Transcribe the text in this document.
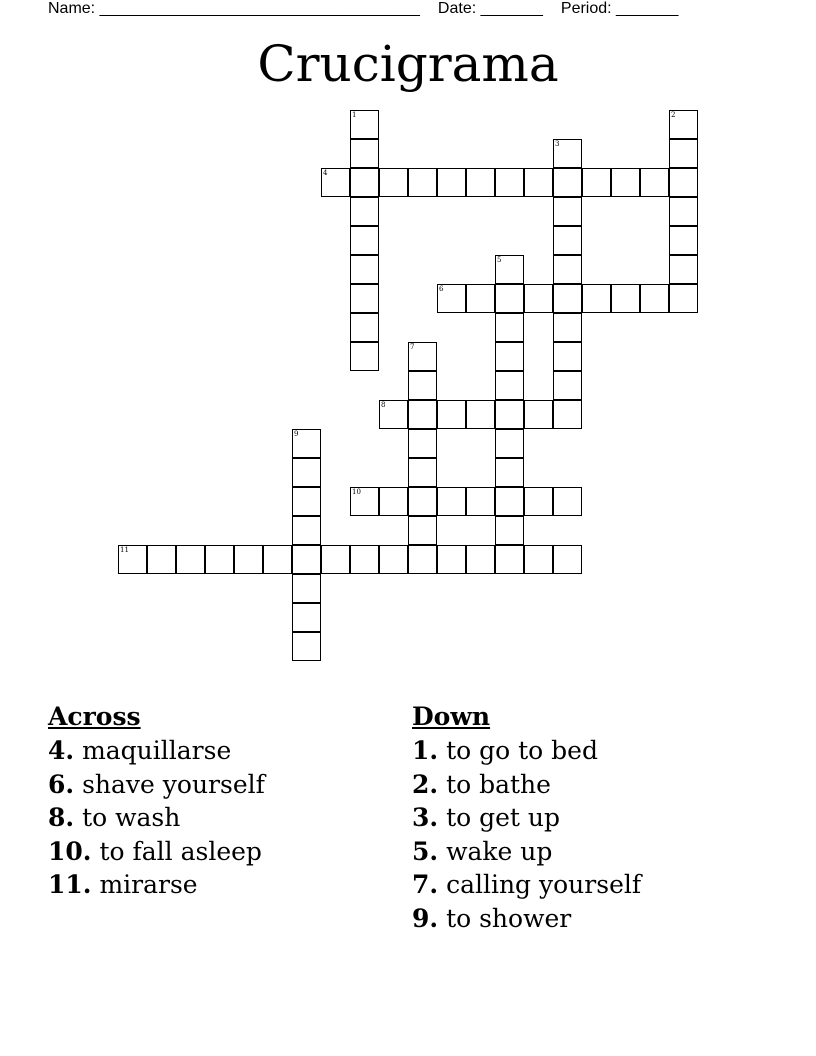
Name: ____________________________________ Date: _______ Period: _______
Crucigrama
1	2
3
4
5
6
7
8
9
10
11
Across
4. maquillarse
6. shave yourself
8. to wash
10. to fall asleep
11. mirarse
Down
1. to go to bed
2. to bathe
3. to get up
5. wake up
7. calling yourself
9. to shower
